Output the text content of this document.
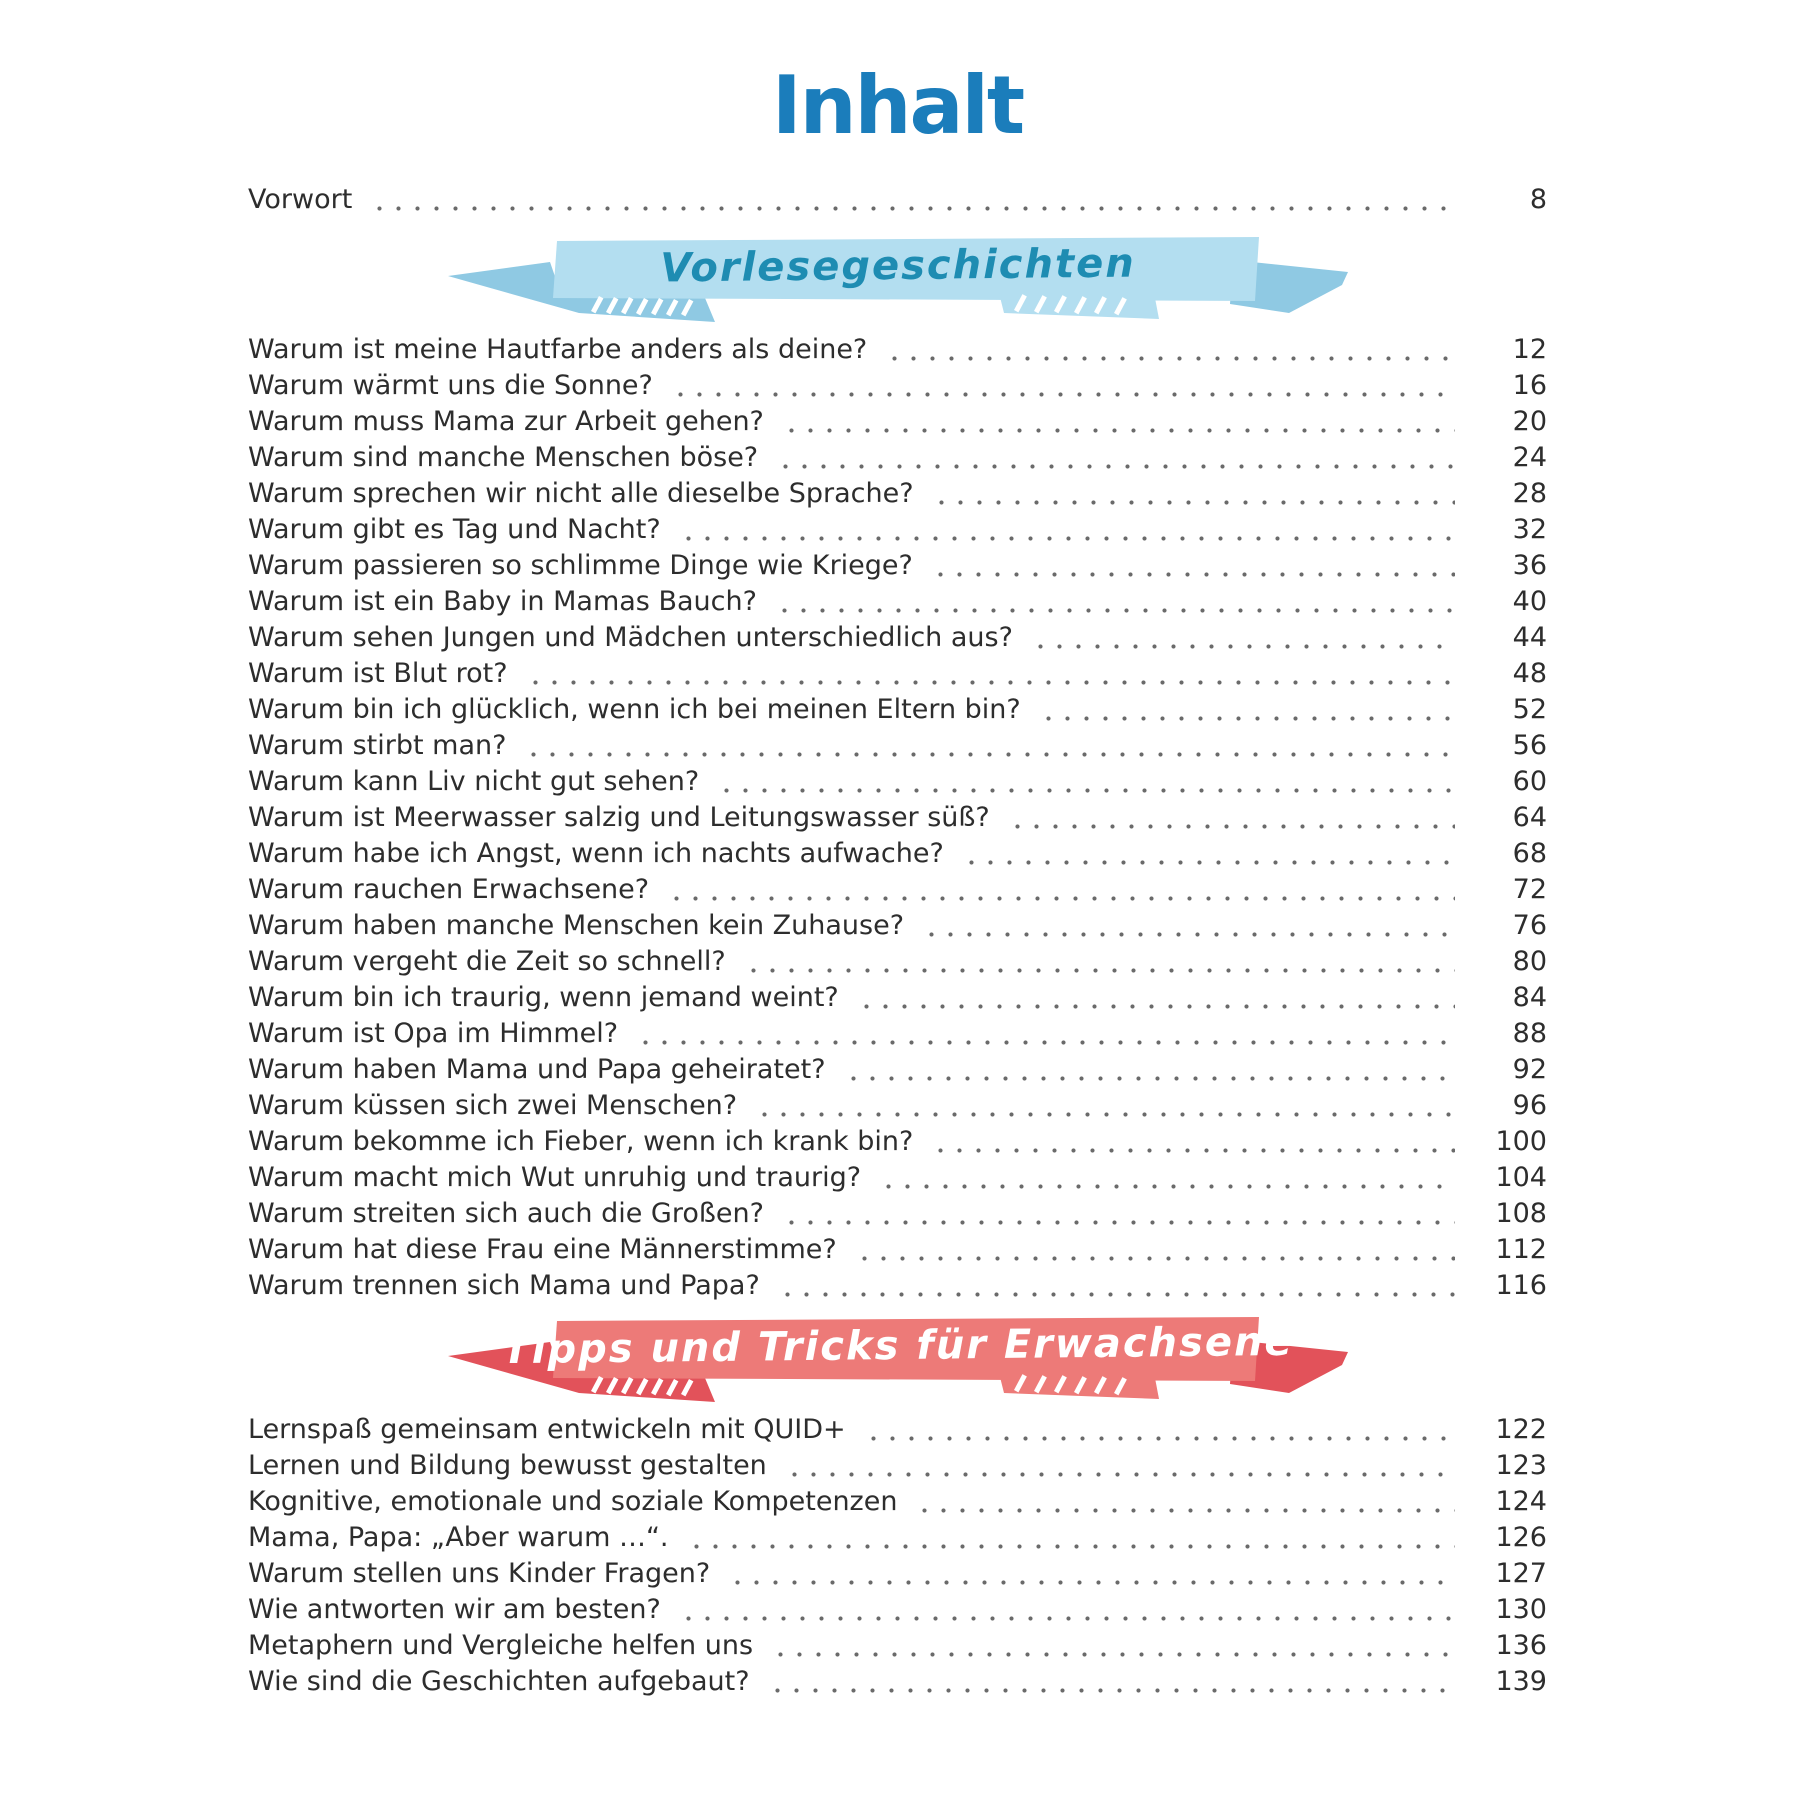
Inhalt
Vorwort	8
Vorlesegeschichten
Warum ist meine Hautfarbe anders als deine?	12
Warum wärmt uns die Sonne?	16
Warum muss Mama zur Arbeit gehen?	20
Warum sind manche Menschen böse?	24
Warum sprechen wir nicht alle dieselbe Sprache?	28
Warum gibt es Tag und Nacht?	32
Warum passieren so schlimme Dinge wie Kriege?	36
Warum ist ein Baby in Mamas Bauch?	40
Warum sehen Jungen und Mädchen unterschiedlich aus?	44
Warum ist Blut rot?	48
Warum bin ich glücklich, wenn ich bei meinen Eltern bin?	52
Warum stirbt man?	56
Warum kann Liv nicht gut sehen?	60
Warum ist Meerwasser salzig und Leitungswasser süß?	64
Warum habe ich Angst, wenn ich nachts aufwache?	68
Warum rauchen Erwachsene?	72
Warum haben manche Menschen kein Zuhause?	76
Warum vergeht die Zeit so schnell?	80
Warum bin ich traurig, wenn jemand weint?	84
Warum ist Opa im Himmel?	88
Warum haben Mama und Papa geheiratet?	92
Warum küssen sich zwei Menschen?	96
Warum bekomme ich Fieber, wenn ich krank bin?	100
Warum macht mich Wut unruhig und traurig?	104
Warum streiten sich auch die Großen?	108
Warum hat diese Frau eine Männerstimme?	112
Warum trennen sich Mama und Papa?	116
Tipps und Tricks für Erwachsene
Lernspaß gemeinsam entwickeln mit QUID+	122
Lernen und Bildung bewusst gestalten	123
Kognitive, emotionale und soziale Kompetenzen	124
Mama, Papa: „Aber warum …“.	126
Warum stellen uns Kinder Fragen?	127
Wie antworten wir am besten?	130
Metaphern und Vergleiche helfen uns	136
Wie sind die Geschichten aufgebaut?	139
